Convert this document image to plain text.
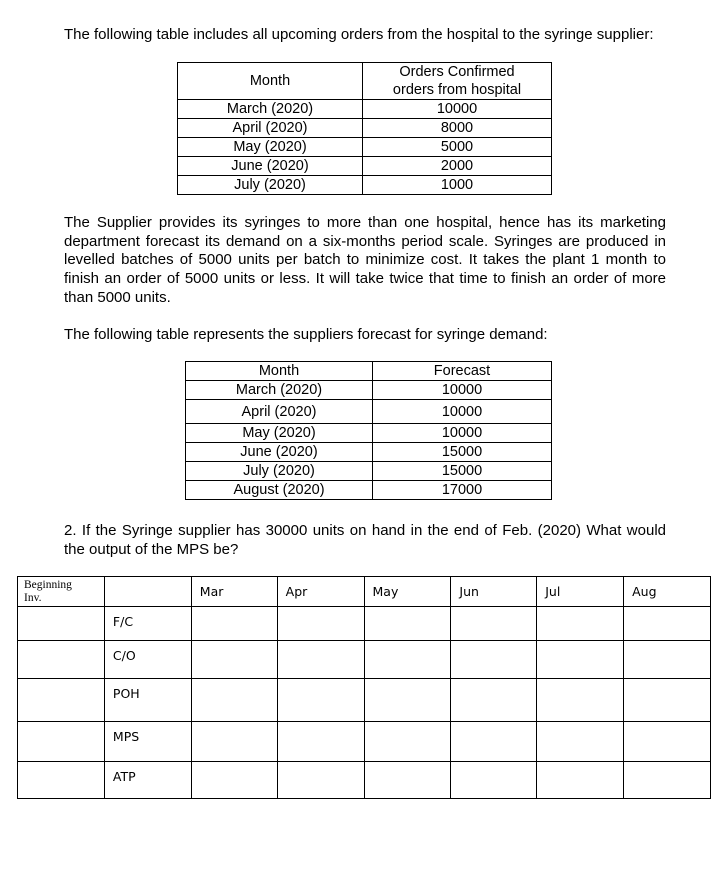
The following table includes all upcoming orders from the hospital to the syringe supplier:
Month	Orders Confirmed
orders from hospital

March (2020)	10000
April (2020)	8000
May (2020)	5000
June (2020)	2000
July (2020)	1000
The Supplier provides its syringes to more than one hospital, hence has its marketing department forecast its demand on a six-months period scale. Syringes are produced in levelled batches of 5000 units per batch to minimize cost. It takes the plant 1 month to finish an order of 5000 units or less. It will take twice that time to finish an order of more than 5000 units.
The following table represents the suppliers forecast for syringe demand:
Month	Forecast
March (2020)	10000
April (2020)	10000
May (2020)	10000
June (2020)	15000
July (2020)	15000
August (2020)	17000
2. If the Syringe supplier has 30000 units on hand in the end of Feb. (2020) What would the output of the MPS be?
Beginning
Inv.		Mar	Apr	May	Jun	Jul	Aug
	F/C						
	C/O						
	POH						
	MPS						
	ATP						
